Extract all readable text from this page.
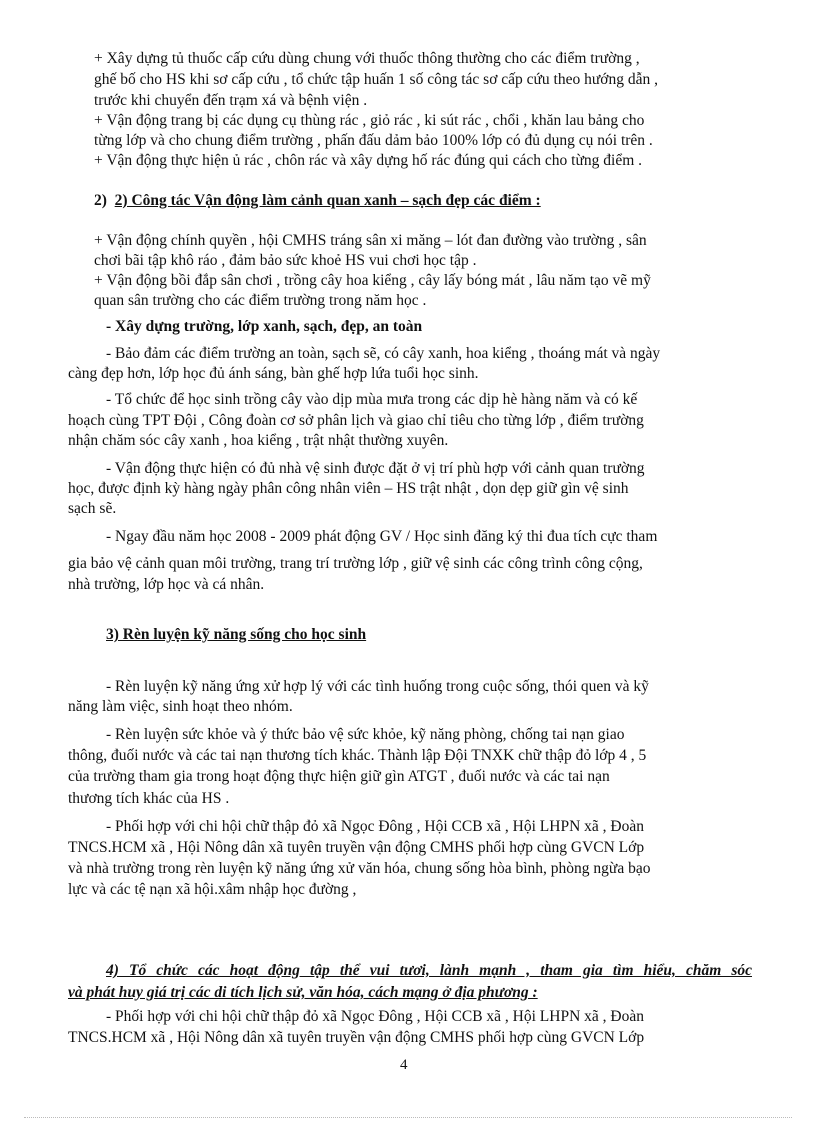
+ Xây dựng tủ thuốc cấp cứu dùng chung với thuốc thông thường cho các điểm trường ,
ghế bố cho HS khi sơ cấp cứu , tổ chức tập huấn 1 số công tác sơ cấp cứu theo hướng dẫn ,
trước khi chuyển đến trạm xá và bệnh viện .
+ Vận động trang bị các dụng cụ thùng rác , giỏ rác , ki sút rác , chổi , khăn lau bảng cho
từng lớp và cho chung điểm trường , phấn đấu dảm bảo 100% lớp có đủ dụng cụ nói trên .
+ Vận động thực hiện ủ rác , chôn rác và xây dựng hố rác đúng qui cách cho từng điểm .
2)  2) Công tác Vận động làm cảnh quan xanh – sạch đẹp các điểm :
+ Vận động chính quyền , hội CMHS tráng sân xi măng – lót đan đường vào trường , sân
chơi bãi tập khô ráo , đảm bảo sức khoẻ HS vui chơi học tập .
+ Vận động bồi đắp sân chơi , trồng cây hoa kiểng , cây lấy bóng mát , lâu năm tạo vẽ mỹ
quan sân trường cho các điểm trường trong năm học .
- Xây dựng trường, lớp xanh, sạch, đẹp, an toàn
- Bảo đảm các điểm trường an toàn, sạch sẽ, có cây xanh, hoa kiểng , thoáng mát và ngày
càng đẹp hơn, lớp học đủ ánh sáng, bàn ghế hợp lứa tuổi học sinh.
- Tổ chức để học sinh trồng cây vào dịp mùa mưa trong các dịp hè hàng năm và có kế
hoạch cùng TPT Đội , Công đoàn cơ sở phân lịch và giao chỉ tiêu cho từng lớp , điểm trường
nhận chăm sóc cây xanh , hoa kiểng , trật nhật thường xuyên.
- Vận động thực hiện có đủ nhà vệ sinh được đặt ở vị trí phù hợp với cảnh quan trường
học, được định kỳ hàng ngày phân công nhân viên – HS trật nhật , dọn dẹp giữ gìn vệ sinh
sạch sẽ.
- Ngay đầu năm học 2008 - 2009 phát động GV / Học sinh đăng ký thi đua tích cực tham
gia bảo vệ cảnh quan môi trường, trang trí trường lớp , giữ vệ sinh các công trình công cộng,
nhà trường, lớp học và cá nhân.
3) Rèn luyện kỹ năng sống cho học sinh
- Rèn luyện kỹ năng ứng xử hợp lý với các tình huống trong cuộc sống, thói quen và kỹ
năng làm việc, sinh hoạt theo nhóm.
- Rèn luyện sức khỏe và ý thức bảo vệ sức khỏe, kỹ năng phòng, chống tai nạn giao
thông, đuối nước và các tai nạn thương tích khác. Thành lập Đội TNXK chữ thập đỏ lớp 4 , 5
của trường tham gia trong hoạt động thực hiện giữ gìn ATGT , đuối nước và các tai nạn
thương tích khác của HS .
- Phối hợp với chi hội chữ thập đỏ xã Ngọc Đông , Hội CCB xã , Hội LHPN xã , Đoàn
TNCS.HCM xã , Hội Nông dân xã tuyên truyền vận động CMHS phối hợp cùng GVCN Lớp
và nhà trường trong rèn luyện kỹ năng ứng xử văn hóa, chung sống hòa bình, phòng ngừa bạo
lực và các tệ nạn xã hội.xâm nhập học đường ,
4) Tổ chức các hoạt động tập thể vui tươi, lành mạnh , tham gia tìm hiểu, chăm sóc
và phát huy giá trị các di tích lịch sử, văn hóa, cách mạng ở địa phương :
- Phối hợp với chi hội chữ thập đỏ xã Ngọc Đông , Hội CCB xã , Hội LHPN xã , Đoàn
TNCS.HCM xã , Hội Nông dân xã tuyên truyền vận động CMHS phối hợp cùng GVCN Lớp
4
